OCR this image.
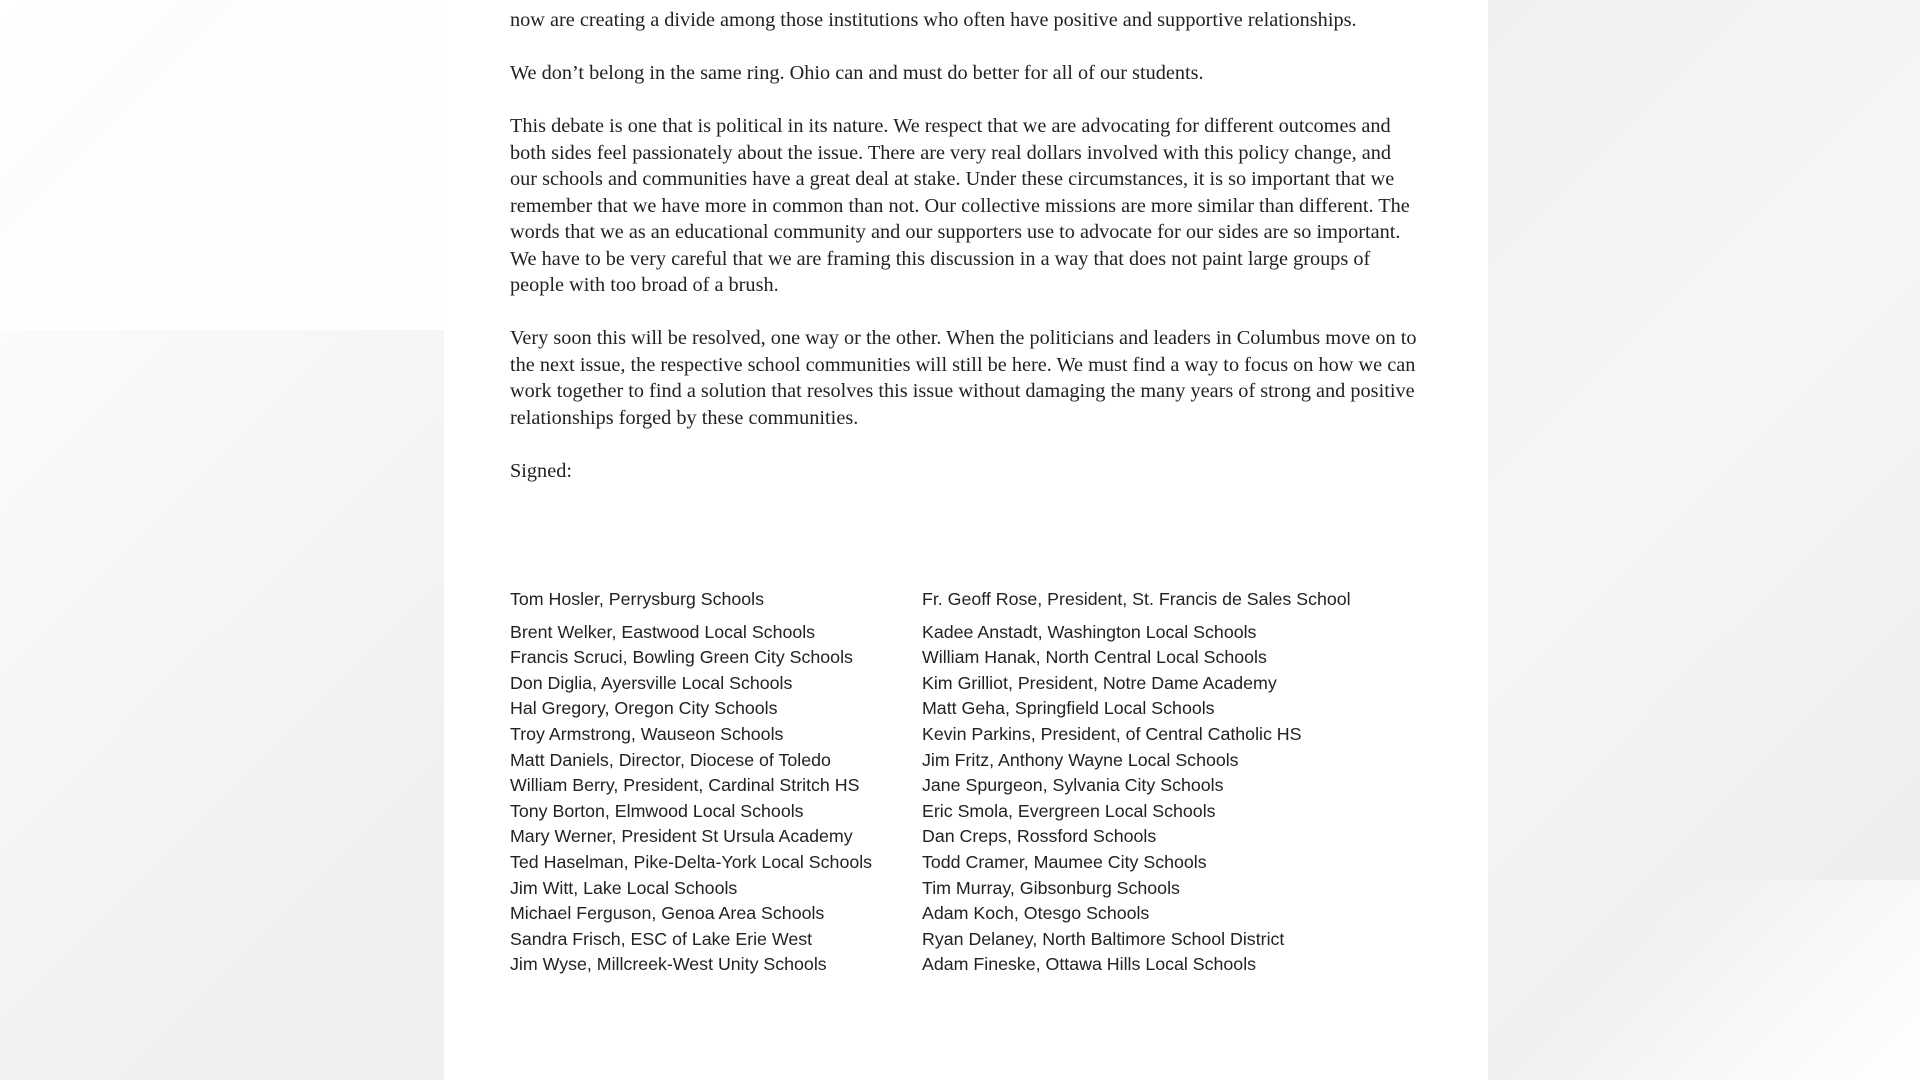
now are creating a divide among those institutions who often have positive and supportive relationships.

We don’t belong in the same ring. Ohio can and must do better for all of our students.

This debate is one that is political in its nature. We respect that we are advocating for different outcomes and both sides feel passionately about the issue. There are very real dollars involved with this policy change, and our schools and communities have a great deal at stake. Under these circumstances, it is so important that we remember that we have more in common than not. Our collective missions are more similar than different. The words that we as an educational community and our supporters use to advocate for our sides are so important. We have to be very careful that we are framing this discussion in a way that does not paint large groups of people with too broad of a brush.

Very soon this will be resolved, one way or the other. When the politicians and leaders in Columbus move on to the next issue, the respective school communities will still be here. We must find a way to focus on how we can work together to find a solution that resolves this issue without damaging the many years of strong and positive relationships forged by these communities.

Signed:

Tom Hosler, Perrysburg Schools	Fr. Geoff Rose, President, St. Francis de Sales School
Brent Welker, Eastwood Local Schools	Kadee Anstadt, Washington Local Schools
Francis Scruci, Bowling Green City Schools	William Hanak, North Central Local Schools
Don Diglia, Ayersville Local Schools	Kim Grilliot, President, Notre Dame Academy
Hal Gregory, Oregon City Schools	Matt Geha, Springfield Local Schools
Troy Armstrong, Wauseon Schools	Kevin Parkins, President, of Central Catholic HS
Matt Daniels, Director, Diocese of Toledo	Jim Fritz, Anthony Wayne Local Schools
William Berry, President, Cardinal Stritch HS	Jane Spurgeon, Sylvania City Schools
Tony Borton, Elmwood Local Schools	Eric Smola, Evergreen Local Schools
Mary Werner, President St Ursula Academy	Dan Creps, Rossford Schools
Ted Haselman, Pike-Delta-York Local Schools	Todd Cramer, Maumee City Schools
Jim Witt, Lake Local Schools	Tim Murray, Gibsonburg Schools
Michael Ferguson, Genoa Area Schools	Adam Koch, Otesgo Schools
Sandra Frisch, ESC of Lake Erie West	Ryan Delaney, North Baltimore School District
Jim Wyse, Millcreek-West Unity Schools	Adam Fineske, Ottawa Hills Local Schools
